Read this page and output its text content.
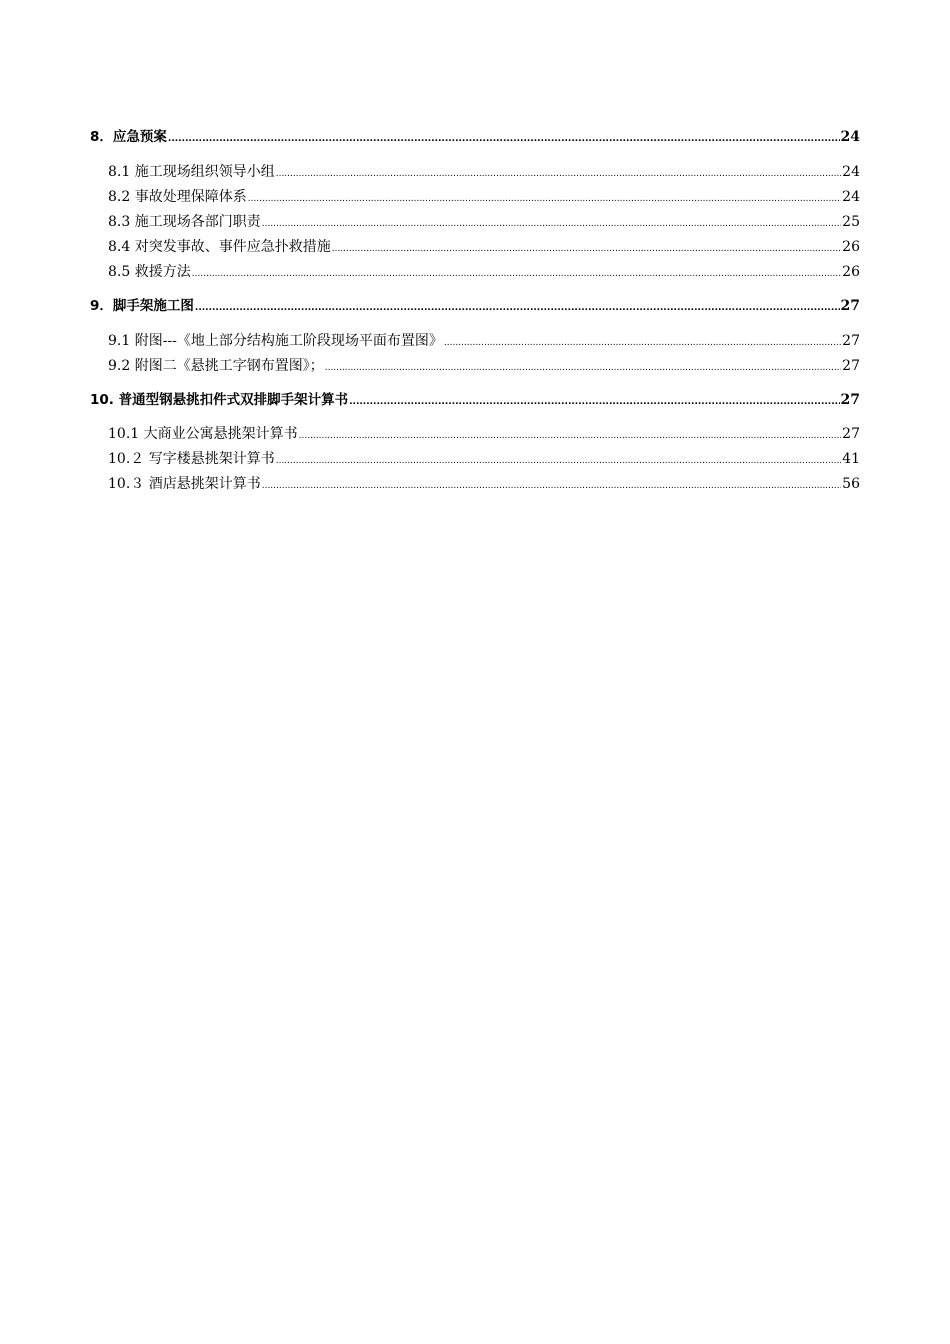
8．应急预案 .....	24
8.1 施工现场组织领导小组 .....	24
8.2 事故处理保障体系 .....	24
8.3 施工现场各部门职责 .....	25
8.4 对突发事故、事件应急扑救措施 .....	26
8.5 救援方法 .....	26
9．脚手架施工图 .....	27
9.1 附图---《地上部分结构施工阶段现场平面布置图》 .....	27
9.2 附图二《悬挑工字钢布置图》； .....	27
10. 普通型钢悬挑扣件式双排脚手架计算书 .....	27
10.1 大商业公寓悬挑架计算书 .....	27
10.２ 写字楼悬挑架计算书 .....	41
10.３ 酒店悬挑架计算书 .....	56
